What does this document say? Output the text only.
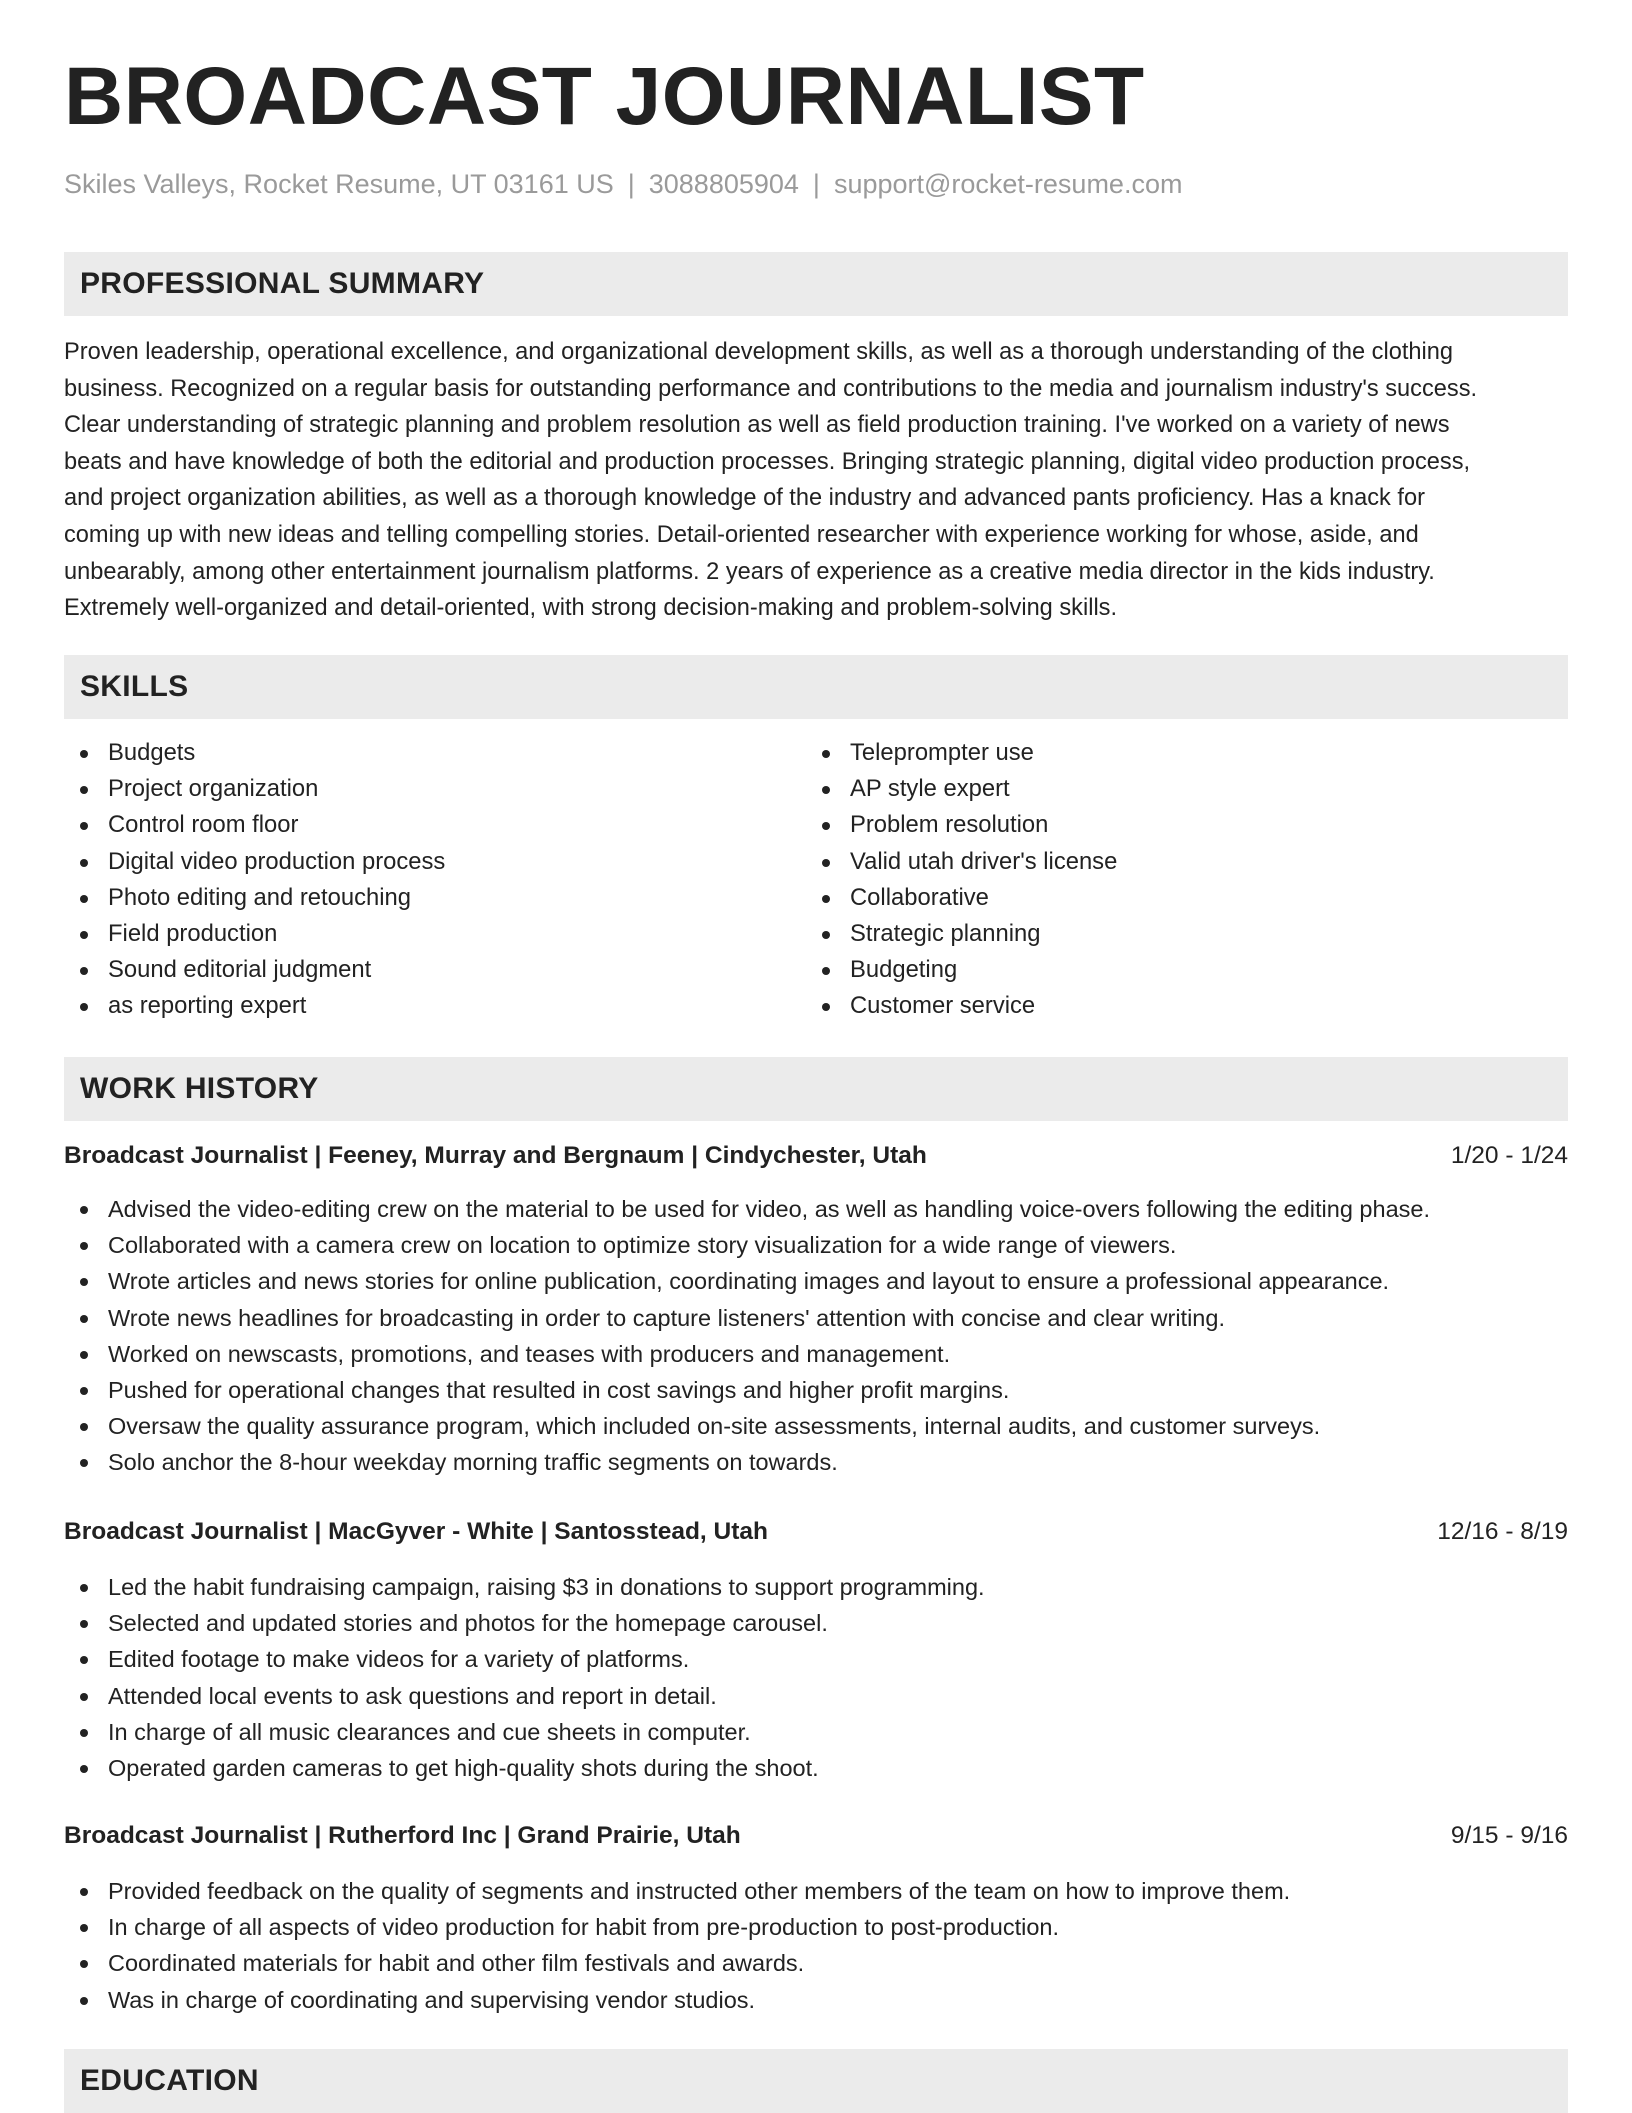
BROADCAST JOURNALIST
Skiles Valleys, Rocket Resume, UT 03161 US | 3088805904 | support@rocket-resume.com
PROFESSIONAL SUMMARY
Proven leadership, operational excellence, and organizational development skills, as well as a thorough understanding of the clothing
business. Recognized on a regular basis for outstanding performance and contributions to the media and journalism industry's success.
Clear understanding of strategic planning and problem resolution as well as field production training. I've worked on a variety of news
beats and have knowledge of both the editorial and production processes. Bringing strategic planning, digital video production process,
and project organization abilities, as well as a thorough knowledge of the industry and advanced pants proficiency. Has a knack for
coming up with new ideas and telling compelling stories. Detail-oriented researcher with experience working for whose, aside, and
unbearably, among other entertainment journalism platforms. 2 years of experience as a creative media director in the kids industry.
Extremely well-organized and detail-oriented, with strong decision-making and problem-solving skills.
SKILLS
Budgets
Project organization
Control room floor
Digital video production process
Photo editing and retouching
Field production
Sound editorial judgment
as reporting expert
Teleprompter use
AP style expert
Problem resolution
Valid utah driver's license
Collaborative
Strategic planning
Budgeting
Customer service
WORK HISTORY
Broadcast Journalist | Feeney, Murray and Bergnaum | Cindychester, Utah	1/20 - 1/24
Advised the video-editing crew on the material to be used for video, as well as handling voice-overs following the editing phase.
Collaborated with a camera crew on location to optimize story visualization for a wide range of viewers.
Wrote articles and news stories for online publication, coordinating images and layout to ensure a professional appearance.
Wrote news headlines for broadcasting in order to capture listeners' attention with concise and clear writing.
Worked on newscasts, promotions, and teases with producers and management.
Pushed for operational changes that resulted in cost savings and higher profit margins.
Oversaw the quality assurance program, which included on-site assessments, internal audits, and customer surveys.
Solo anchor the 8-hour weekday morning traffic segments on towards.
Broadcast Journalist | MacGyver - White | Santosstead, Utah	12/16 - 8/19
Led the habit fundraising campaign, raising $3 in donations to support programming.
Selected and updated stories and photos for the homepage carousel.
Edited footage to make videos for a variety of platforms.
Attended local events to ask questions and report in detail.
In charge of all music clearances and cue sheets in computer.
Operated garden cameras to get high-quality shots during the shoot.
Broadcast Journalist | Rutherford Inc | Grand Prairie, Utah	9/15 - 9/16
Provided feedback on the quality of segments and instructed other members of the team on how to improve them.
In charge of all aspects of video production for habit from pre-production to post-production.
Coordinated materials for habit and other film festivals and awards.
Was in charge of coordinating and supervising vendor studios.
EDUCATION
